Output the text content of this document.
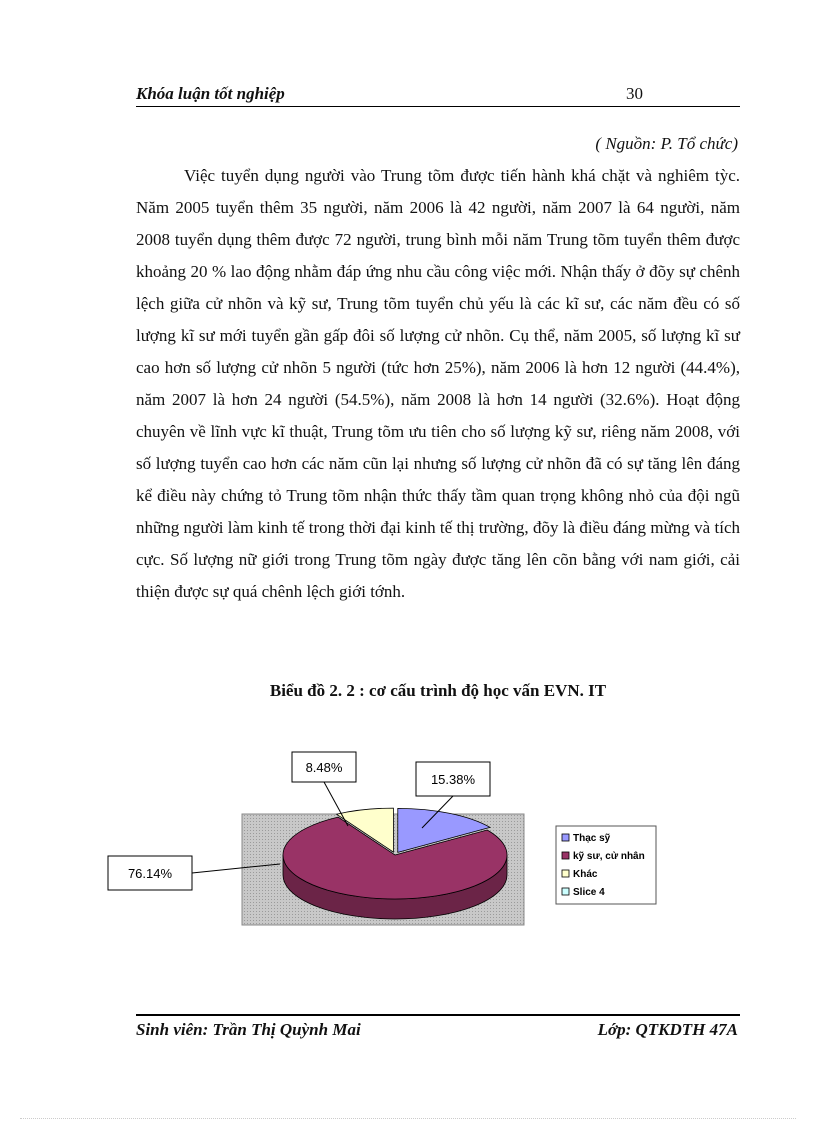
Khóa luận tốt nghiệp	30
( Nguồn: P. Tổ chức)

Việc tuyển dụng người vào Trung tõm được tiến hành khá chặt và nghiêm tỳc. Năm 2005 tuyển thêm 35 người, năm 2006 là 42 người, năm 2007 là 64 người, năm 2008 tuyển dụng thêm được 72 người, trung bình mỗi năm Trung tõm tuyển thêm được khoảng 20 % lao động nhằm đáp ứng nhu cầu công việc mới. Nhận thấy ở đõy sự chênh lệch giữa cử nhõn và kỹ sư, Trung tõm tuyển chủ yếu là các kĩ sư, các năm đều có số lượng kĩ sư mới tuyển gần gấp đôi số lượng cử nhõn. Cụ thể, năm 2005, số lượng kĩ sư cao hơn số lượng cử nhõn 5 người (tức hơn 25%), năm 2006 là hơn 12 người (44.4%), năm 2007 là hơn 24 người (54.5%), năm 2008 là hơn 14 người (32.6%). Hoạt động chuyên về lĩnh vực kĩ thuật, Trung tõm ưu tiên cho số lượng kỹ sư, riêng năm 2008, với số lượng tuyển cao hơn các năm cũn lại nhưng số lượng cử nhõn đã có sự tăng lên đáng kể điều này chứng tỏ Trung tõm nhận thức thấy tầm quan trọng không nhỏ của đội ngũ những người làm kinh tế trong thời đại kinh tế thị trường, đõy là điều đáng mừng và tích cực. Số lượng nữ giới trong Trung tõm ngày được tăng lên cõn bằng với nam giới, cải thiện được sự quá chênh lệch giới tớnh.

Biểu đồ 2. 2 : cơ cấu trình độ học vấn EVN. IT
15.38%
76.14%
8.48%
Thạc sỹ
kỹ sư, cử nhân
Khác
Slice 4
Sinh viên: Trần Thị Quỳnh Mai	Lớp: QTKDTH 47A
